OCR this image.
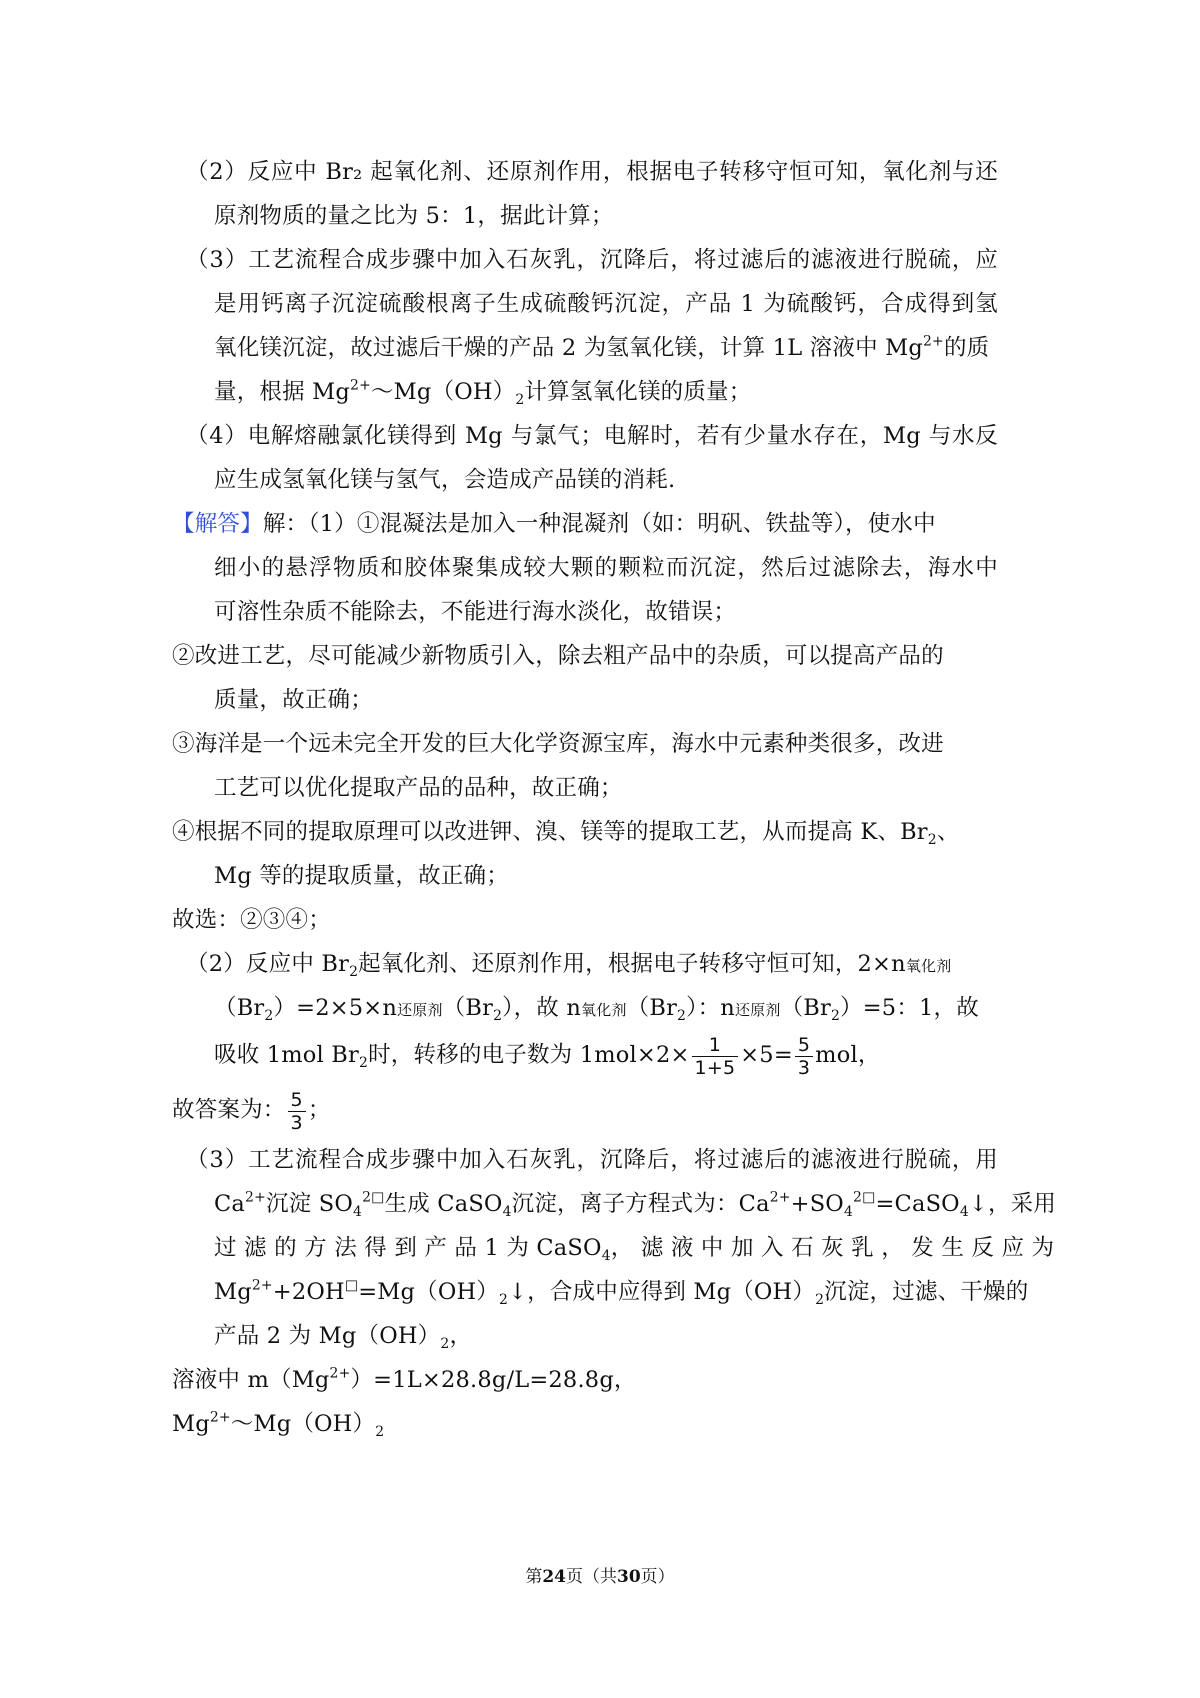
（2）反应中 Br₂ 起氧化剂、还原剂作用，根据电子转移守恒可知，氧化剂与还
原剂物质的量之比为 5：1，据此计算；
（3）工艺流程合成步骤中加入石灰乳，沉降后，将过滤后的滤液进行脱硫，应
是用钙离子沉淀硫酸根离子生成硫酸钙沉淀，产品 1 为硫酸钙，合成得到氢
氧化镁沉淀，故过滤后干燥的产品 2 为氢氧化镁，计算 1L 溶液中 $Mg^{2+}$的质
量，根据 $Mg^{2+}\sim Mg(OH)_2$计算氢氧化镁的质量；
（4）电解熔融氯化镁得到 Mg 与氯气；电解时，若有少量水存在，Mg 与水反
应生成氢氧化镁与氢气，会造成产品镁的消耗.
【解答】解：（1）①混凝法是加入一种混凝剂（如：明矾、铁盐等），使水中
细小的悬浮物质和胶体聚集成较大颗的颗粒而沉淀，然后过滤除去，海水中
可溶性杂质不能除去，不能进行海水淡化，故错误；
②改进工艺，尽可能减少新物质引入，除去粗产品中的杂质，可以提高产品的
质量，故正确；
③海洋是一个远未完全开发的巨大化学资源宝库，海水中元素种类很多，改进
工艺可以优化提取产品的品种，故正确；
④根据不同的提取原理可以改进钾、溴、镁等的提取工艺，从而提高 K、$Br_2$、
Mg 等的提取质量，故正确；
故选：②③④；
（2）反应中 $Br_2$起氧化剂、还原剂作用，根据电子转移守恒可知，2×n氧化剂
$(Br_2)=2\times 5\times n$还原剂$(Br_2)$，故 n氧化剂$(Br_2)$：n还原剂$(Br_2)=5$：1，故
吸收 1mol $Br_2$时，转移的电子数为 $1mol\times 2\times \frac{1}{1+5} \times 5= \frac{5}{3}$ mol，
故答案为： $\frac{5}{3}$ ；
（3）工艺流程合成步骤中加入石灰乳，沉降后，将过滤后的滤液进行脱硫，用
$Ca^{2+}$沉淀 $SO_4^{2□}$生成 CaSO$_4$沉淀，离子方程式为：$Ca^{2+}+SO_4^{2□}=CaSO_4↓$，采用
过 滤 的 方 法 得 到 产 品 1 为 CaSO$_4$， 滤 液 中 加 入 石 灰 乳 ， 发 生 反 应 为
$Mg^{2+}+2OH^□=Mg(OH)_2↓$，合成中应得到 $Mg(OH)_2$沉淀，过滤、干燥的
产品 2 为 $Mg(OH)_2$，
溶液中 $m(Mg^{2+})=1L\times 28.8g/L=28.8g$，
$Mg^{2+}\sim Mg(OH)_2$
第24页（共30页）
